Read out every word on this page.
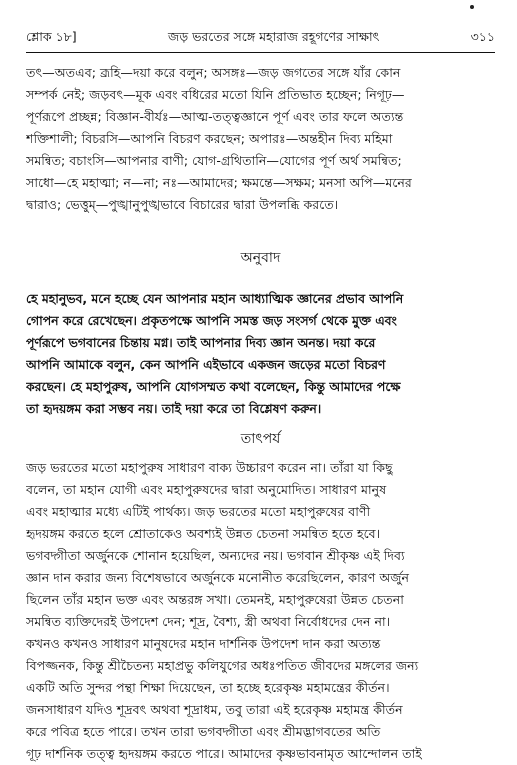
শ্লোক ১৮]	জড় ভরতের সঙ্গে মহারাজ রহূগণের সাক্ষাৎ	৩১১
তৎ—অতএব; ব্রূহি—দয়া করে বলুন; অসঙ্গঃ—জড় জগতের সঙ্গে যাঁর কোন
সম্পর্ক নেই; জড়বৎ—মূক এবং বধিরের মতো যিনি প্রতিভাত হচ্ছেন; নিগূঢ়—
পূর্ণরূপে প্রচ্ছন্ন; বিজ্ঞান-বীর্যঃ—আত্ম-তত্ত্বজ্ঞানে পূর্ণ এবং তার ফলে অত্যন্ত
শক্তিশালী; বিচরসি—আপনি বিচরণ করছেন; অপারঃ—অন্তহীন দিব্য মহিমা
সমন্বিত; বচাংসি—আপনার বাণী; যোগ-গ্রথিতানি—যোগের পূর্ণ অর্থ সমন্বিত;
সাধো—হে মহাত্মা; ন—না; নঃ—আমাদের; ক্ষমন্তে—সক্ষম; মনসা অপি—মনের
দ্বারাও; ভেত্তুম্—পুঙ্খানুপুঙ্খভাবে বিচারের দ্বারা উপলব্ধি করতে।
অনুবাদ
হে মহানুভব, মনে হচ্ছে যেন আপনার মহান আধ্যাত্মিক জ্ঞানের প্রভাব আপনি
গোপন করে রেখেছেন। প্রকৃতপক্ষে আপনি সমস্ত জড় সংসর্গ থেকে মুক্ত এবং
পূর্ণরূপে ভগবানের চিন্তায় মগ্ন। তাই আপনার দিব্য জ্ঞান অনন্ত। দয়া করে
আপনি আমাকে বলুন, কেন আপনি এইভাবে একজন জড়ের মতো বিচরণ
করছেন। হে মহাপুরুষ, আপনি যোগসম্মত কথা বলেছেন, কিন্তু আমাদের পক্ষে
তা হৃদয়ঙ্গম করা সম্ভব নয়। তাই দয়া করে তা বিশ্লেষণ করুন।
তাৎপর্য
জড় ভরতের মতো মহাপুরুষ সাধারণ বাক্য উচ্চারণ করেন না। তাঁরা যা কিছু
বলেন, তা মহান যোগী এবং মহাপুরুষদের দ্বারা অনুমোদিত। সাধারণ মানুষ
এবং মহাত্মার মধ্যে এটিই পার্থক্য। জড় ভরতের মতো মহাপুরুষের বাণী
হৃদয়ঙ্গম করতে হলে শ্রোতাকেও অবশ্যই উন্নত চেতনা সমন্বিত হতে হবে।
ভগবদ্গীতা অর্জুনকে শোনান হয়েছিল, অন্যদের নয়। ভগবান শ্রীকৃষ্ণ এই দিব্য
জ্ঞান দান করার জন্য বিশেষভাবে অর্জুনকে মনোনীত করেছিলেন, কারণ অর্জুন
ছিলেন তাঁর মহান ভক্ত এবং অন্তরঙ্গ সখা। তেমনই, মহাপুরুষেরা উন্নত চেতনা
সমন্বিত ব্যক্তিদেরই উপদেশ দেন; শূদ্র, বৈশ্য, স্ত্রী অথবা নির্বোধদের দেন না।
কখনও কখনও সাধারণ মানুষদের মহান দার্শনিক উপদেশ দান করা অত্যন্ত
বিপজ্জনক, কিন্তু শ্রীচৈতন্য মহাপ্রভু কলিযুগের অধঃপতিত জীবদের মঙ্গলের জন্য
একটি অতি সুন্দর পন্থা শিক্ষা দিয়েছেন, তা হচ্ছে হরেকৃষ্ণ মহামন্ত্রের কীর্তন।
জনসাধারণ যদিও শূদ্রবৎ অথবা শূদ্রাধম, তবু তারা এই হরেকৃষ্ণ মহামন্ত্র কীর্তন
করে পবিত্র হতে পারে। তখন তারা ভগবদ্গীতা এবং শ্রীমদ্ভাগবতের অতি
গূঢ় দার্শনিক তত্ত্ব হৃদয়ঙ্গম করতে পারে। আমাদের কৃষ্ণভাবনামৃত আন্দোলন তাই
